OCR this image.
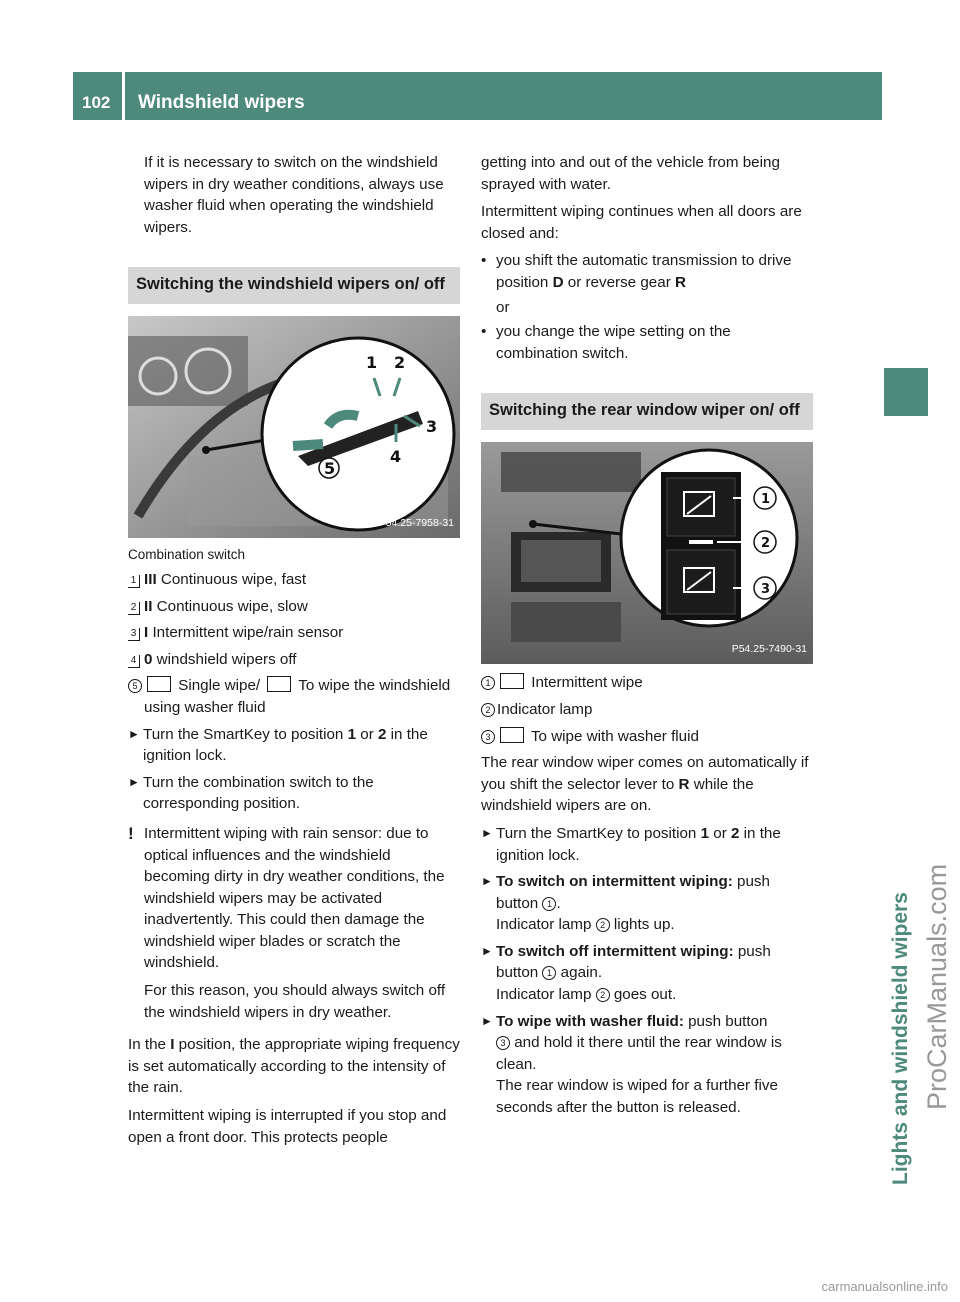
102	Windshield wipers
Lights and windshield wipers ProCarManuals.com
carmanualsonline.info

If it is necessary to switch on the windshield wipers in dry weather conditions, always use washer fluid when operating the windshield wipers.

Switching the windshield wipers on/ off
1 2
3
4
5
P54.25-7958-31
Combination switch
1 III Continuous wipe, fast
2 II Continuous wipe, slow
3 I Intermittent wipe/rain sensor
4 0 windshield wipers off
5	Single wipe/  To wipe the windshield using washer fluid
► Turn the SmartKey to position 1 or 2 in the ignition lock.
► Turn the combination switch to the corresponding position.
! Intermittent wiping with rain sensor: due to optical influences and the windshield becoming dirty in dry weather conditions, the windshield wipers may be activated inadvertently. This could then damage the windshield wiper blades or scratch the windshield.

For this reason, you should always switch off the windshield wipers in dry weather.

In the I position, the appropriate wiping frequency is set automatically according to the intensity of the rain.

Intermittent wiping is interrupted if you stop and open a front door. This protects people

getting into and out of the vehicle from being sprayed with water.

Intermittent wiping continues when all doors are closed and:

• you shift the automatic transmission to drive position D or reverse gear R

or

• you change the wipe setting on the combination switch.
Switching the rear window wiper on/ off
1
2
3
P54.25-7490-31
1	Intermittent wipe
2 Indicator lamp
3	To wipe with washer fluid

The rear window wiper comes on automatically if you shift the selector lever to R while the windshield wipers are on.

► Turn the SmartKey to position 1 or 2 in the ignition lock.
► To switch on intermittent wiping: push button 1 .
Indicator lamp 2 lights up.
► To switch off intermittent wiping: push button 1 again.
Indicator lamp 2 goes out.
► To wipe with washer fluid: push button
3 and hold it there until the rear window is clean.
The rear window is wiped for a further five seconds after the button is released.
